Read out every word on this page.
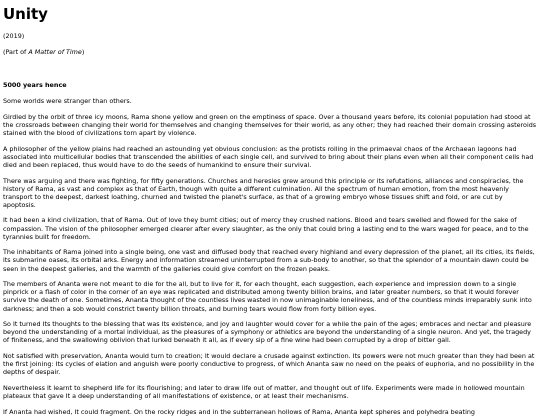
Unity

(2019)

(Part of A Matter of Time)

5000 years hence

Some worlds were stranger than others.

Girdled by the orbit of three icy moons, Rama shone yellow and green on the emptiness of space. Over a thousand years before, its colonial population had stood at the crossroads between changing their world for themselves and changing themselves for their world, as any other; they had reached their domain crossing asteroids stained with the blood of civilizations torn apart by violence.

A philosopher of the yellow plains had reached an astounding yet obvious conclusion: as the protists rolling in the primaeval chaos of the Archaean lagoons had associated into multicellular bodies that transcended the abilities of each single cell, and survived to bring about their plans even when all their component cells had died and been replaced, thus would have to do the seeds of humankind to ensure their survival.

There was arguing and there was fighting, for fifty generations. Churches and heresies grew around this principle or its refutations, alliances and conspiracies, the history of Rama, as vast and complex as that of Earth, though with quite a different culmination. All the spectrum of human emotion, from the most heavenly transport to the deepest, darkest loathing, churned and twisted the planet's surface, as that of a growing embryo whose tissues shift and fold, or are cut by apoptosis.

It had been a kind civilization, that of Rama. Out of love they burnt cities; out of mercy they crushed nations. Blood and tears swelled and flowed for the sake of compassion. The vision of the philosopher emerged clearer after every slaughter, as the only that could bring a lasting end to the wars waged for peace, and to the tyrannies built for freedom.

The inhabitants of Rama joined into a single being, one vast and diffused body that reached every highland and every depression of the planet, all its cities, its fields, its submarine oases, its orbital arks. Energy and information streamed uninterrupted from a sub-body to another, so that the splendor of a mountain dawn could be seen in the deepest galleries, and the warmth of the galleries could give comfort on the frozen peaks.

The members of Ananta were not meant to die for the all, but to live for it, for each thought, each suggestion, each experience and impression down to a single pinprick or a flash of color in the corner of an eye was replicated and distributed among twenty billion brains, and later greater numbers, so that it would forever survive the death of one. Sometimes, Ananta thought of the countless lives wasted in now unimaginable loneliness, and of the countless minds irreparably sunk into darkness; and then a sob would constrict twenty billion throats, and burning tears would flow from forty billion eyes.

So It turned Its thoughts to the blessing that was Its existence, and joy and laughter would cover for a while the pain of the ages; embraces and nectar and pleasure beyond the understanding of a mortal individual, as the pleasures of a symphony or athletics are beyond the understanding of a single neuron. And yet, the tragedy of finiteness, and the swallowing oblivion that lurked beneath it all, as if every sip of a fine wine had been corrupted by a drop of bitter gall.

Not satisfied with preservation, Ananta would turn to creation; It would declare a crusade against extinction. Its powers were not much greater than they had been at the first joining: Its cycles of elation and anguish were poorly conductive to progress, of which Ananta saw no need on the peaks of euphoria, and no possibility in the depths of despair.

Nevertheless It learnt to shepherd life for its flourishing; and later to draw life out of matter, and thought out of life. Experiments were made in hollowed mountain plateaux that gave It a deep understanding of all manifestations of existence, or at least their mechanisms.

If Ananta had wished, It could fragment. On the rocky ridges and in the subterranean hollows of Rama, Ananta kept spheres and polyhedra beating
